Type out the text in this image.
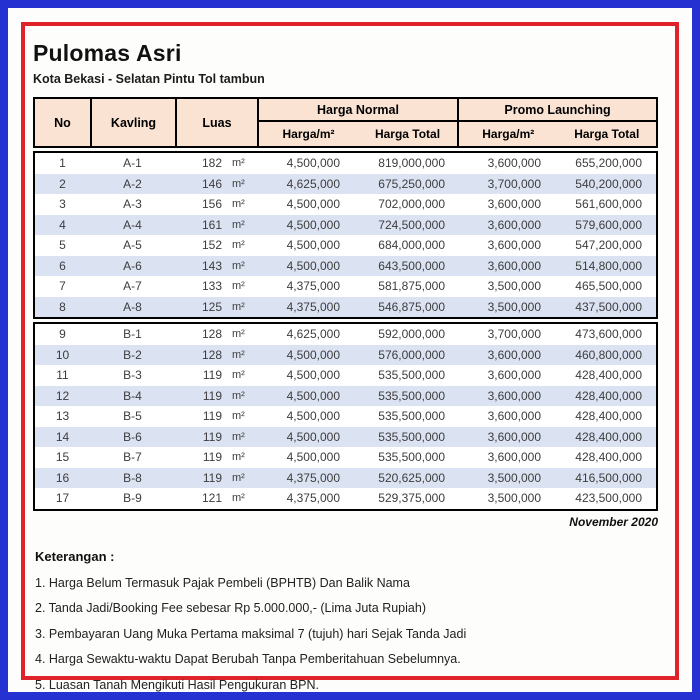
Pulomas Asri
Kota Bekasi - Selatan Pintu Tol tambun
No	Kavling	Luas
Harga Normal	Promo Launching
Harga/m²	Harga Total	Harga/m²	Harga Total
1	A-1	182 m²	4,500,000	819,000,000	3,600,000	655,200,000
2	A-2	146 m²	4,625,000	675,250,000	3,700,000	540,200,000
3	A-3	156 m²	4,500,000	702,000,000	3,600,000	561,600,000
4	A-4	161 m²	4,500,000	724,500,000	3,600,000	579,600,000
5	A-5	152 m²	4,500,000	684,000,000	3,600,000	547,200,000
6	A-6	143 m²	4,500,000	643,500,000	3,600,000	514,800,000
7	A-7	133 m²	4,375,000	581,875,000	3,500,000	465,500,000
8	A-8	125 m²	4,375,000	546,875,000	3,500,000	437,500,000
9	B-1	128 m²	4,625,000	592,000,000	3,700,000	473,600,000
10	B-2	128 m²	4,500,000	576,000,000	3,600,000	460,800,000
11	B-3	119 m²	4,500,000	535,500,000	3,600,000	428,400,000
12	B-4	119 m²	4,500,000	535,500,000	3,600,000	428,400,000
13	B-5	119 m²	4,500,000	535,500,000	3,600,000	428,400,000
14	B-6	119 m²	4,500,000	535,500,000	3,600,000	428,400,000
15	B-7	119 m²	4,500,000	535,500,000	3,600,000	428,400,000
16	B-8	119 m²	4,375,000	520,625,000	3,500,000	416,500,000
17	B-9	121 m²	4,375,000	529,375,000	3,500,000	423,500,000
November 2020
Keterangan :
1. Harga Belum Termasuk Pajak Pembeli (BPHTB) Dan Balik Nama
2. Tanda Jadi/Booking Fee sebesar Rp 5.000.000,- (Lima Juta Rupiah)
3. Pembayaran Uang Muka Pertama maksimal 7 (tujuh) hari Sejak Tanda Jadi
4. Harga Sewaktu-waktu Dapat Berubah Tanpa Pemberitahuan Sebelumnya.
5. Luasan Tanah Mengikuti Hasil Pengukuran BPN.
